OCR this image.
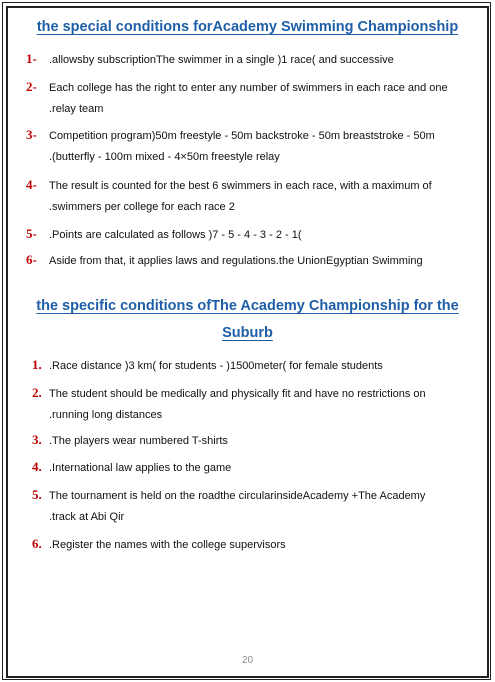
the special conditions forAcademy Swimming Championship
1- .allowsby subscriptionThe swimmer in a single )1 race( and successive
2- Each college has the right to enter any number of swimmers in each race and one
.relay team
3- Competition program)50m freestyle - 50m backstroke - 50m breaststroke - 50m
.(butterfly - 100m mixed - 4×50m freestyle relay
4- The result is counted for the best 6 swimmers in each race, with a maximum of
.swimmers per college for each race 2
5- .Points are calculated as follows )7 - 5 - 4 - 3 - 2 - 1(
6- Aside from that, it applies laws and regulations.the UnionEgyptian Swimming
the specific conditions ofThe Academy Championship for the
Suburb
1. .Race distance )3 km( for students - )1500meter( for female students
2. The student should be medically and physically fit and have no restrictions on
.running long distances
3. .The players wear numbered T-shirts
4. .International law applies to the game
5. The tournament is held on the roadthe circularinsideAcademy +The Academy
.track at Abi Qir
6. .Register the names with the college supervisors
20
